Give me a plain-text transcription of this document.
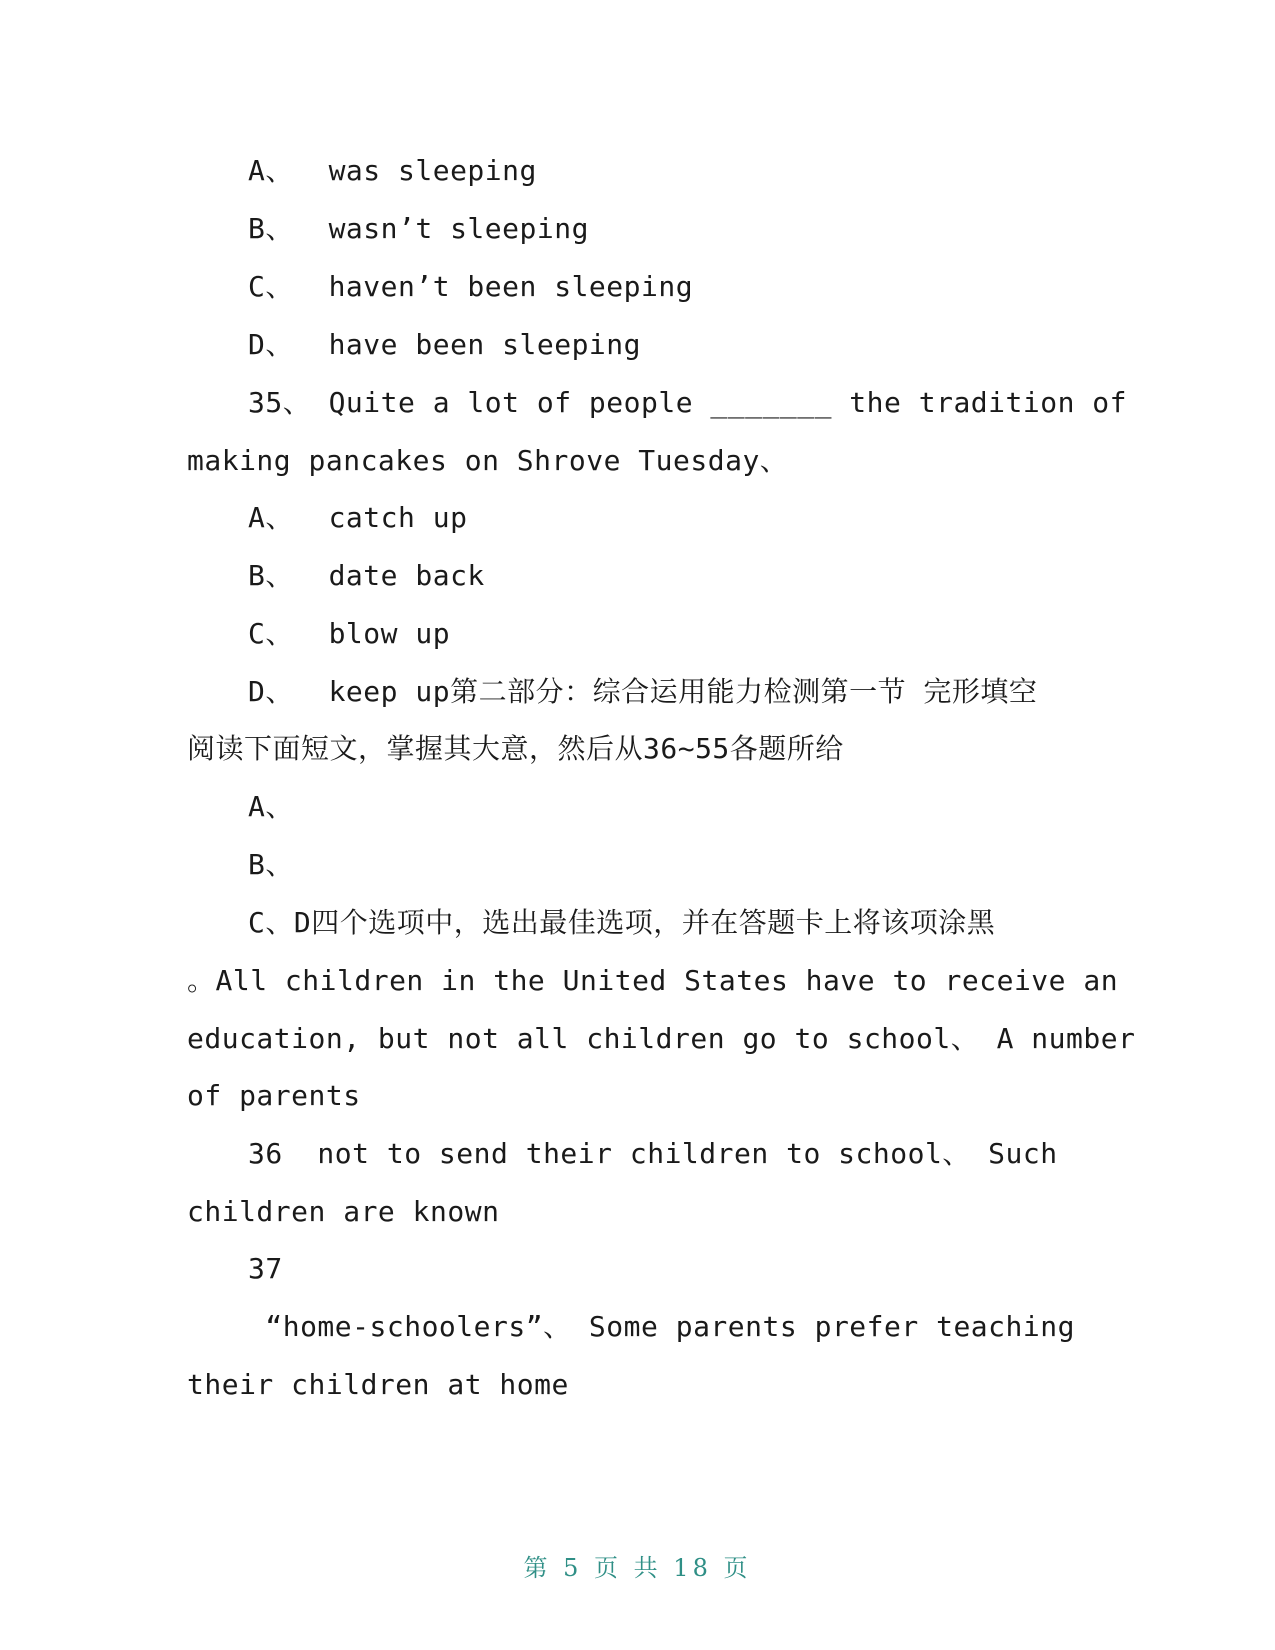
A、  was sleeping
B、  wasn’t sleeping
C、  haven’t been sleeping
D、  have been sleeping
35、 Quite a lot of people _______ the tradition of
making pancakes on Shrove Tuesday、
A、  catch up
B、  date back
C、  blow up
D、  keep up第二部分：综合运用能力检测第一节 完形填空
阅读下面短文，掌握其大意，然后从36~55各题所给
A、
B、
C、D四个选项中，选出最佳选项，并在答题卡上将该项涂黑
。All children in the United States have to receive an
education, but not all children go to school、 A number
of parents
36  not to send their children to school、 Such
children are known
37
“home-schoolers”、 Some parents prefer teaching
their children at home
第 5 页 共 18 页
